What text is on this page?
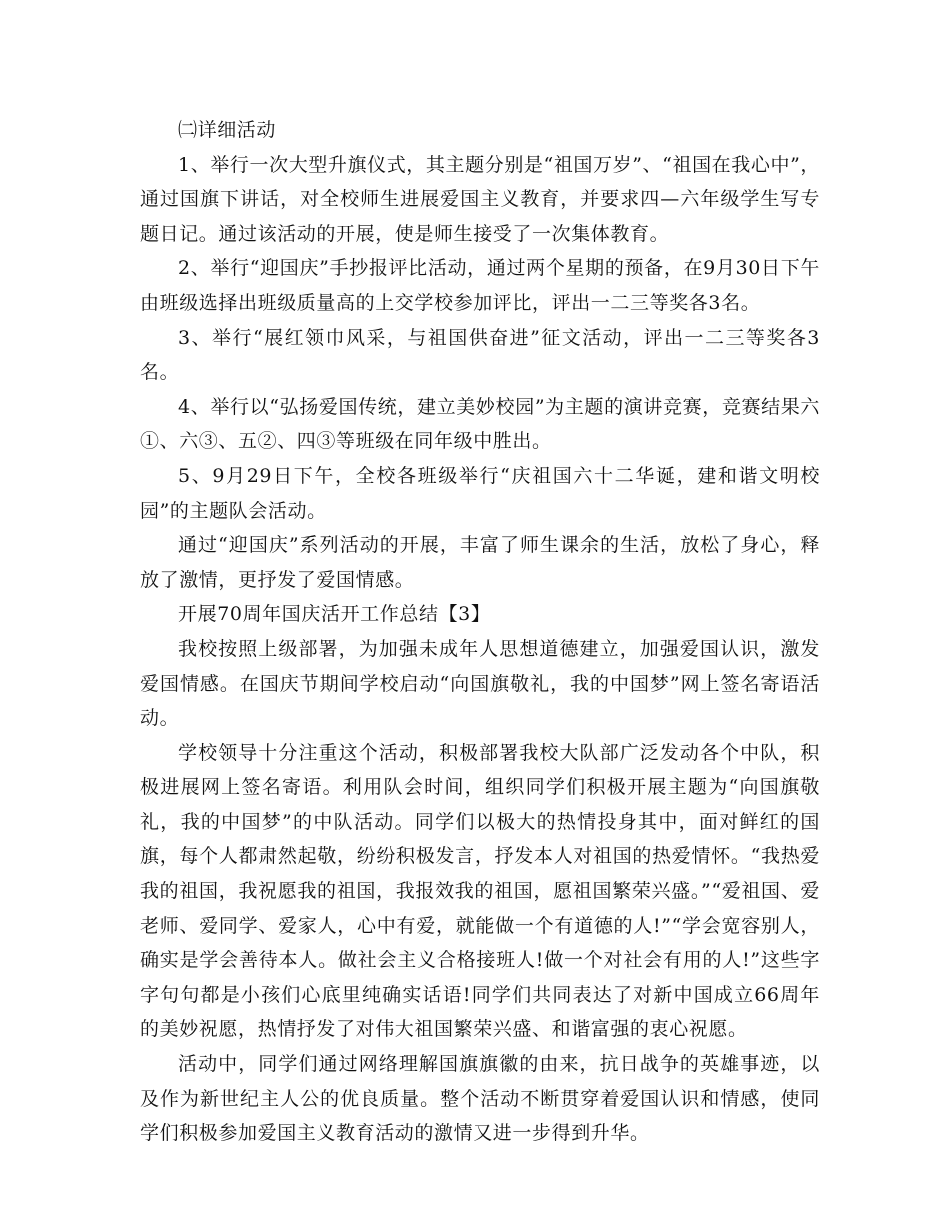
㈡详细活动

1、举行一次大型升旗仪式，其主题分别是“祖国万岁”、“祖国在我心中”，通过国旗下讲话，对全校师生进展爱国主义教育，并要求四—六年级学生写专题日记。通过该活动的开展，使是师生接受了一次集体教育。

2、举行“迎国庆”手抄报评比活动，通过两个星期的预备，在9月30日下午由班级选择出班级质量高的上交学校参加评比，评出一二三等奖各3名。

3、举行“展红领巾风采，与祖国供奋进”征文活动，评出一二三等奖各3名。

4、举行以“弘扬爱国传统，建立美妙校园”为主题的演讲竞赛，竞赛结果六①、六③、五②、四③等班级在同年级中胜出。

5、9月29日下午，全校各班级举行“庆祖国六十二华诞，建和谐文明校园”的主题队会活动。

通过“迎国庆”系列活动的开展，丰富了师生课余的生活，放松了身心，释放了激情，更抒发了爱国情感。

开展70周年国庆活开工作总结【3】

我校按照上级部署，为加强未成年人思想道德建立，加强爱国认识，激发爱国情感。在国庆节期间学校启动“向国旗敬礼，我的中国梦”网上签名寄语活动。

学校领导十分注重这个活动，积极部署我校大队部广泛发动各个中队，积极进展网上签名寄语。利用队会时间，组织同学们积极开展主题为“向国旗敬礼，我的中国梦”的中队活动。同学们以极大的热情投身其中，面对鲜红的国旗，每个人都肃然起敬，纷纷积极发言，抒发本人对祖国的热爱情怀。“我热爱我的祖国，我祝愿我的祖国，我报效我的祖国，愿祖国繁荣兴盛。”“爱祖国、爱老师、爱同学、爱家人，心中有爱，就能做一个有道德的人!”“学会宽容别人，确实是学会善待本人。做社会主义合格接班人!做一个对社会有用的人!”这些字字句句都是小孩们心底里纯确实话语!同学们共同表达了对新中国成立66周年的美妙祝愿，热情抒发了对伟大祖国繁荣兴盛、和谐富强的衷心祝愿。

活动中，同学们通过网络理解国旗旗徽的由来，抗日战争的英雄事迹，以及作为新世纪主人公的优良质量。整个活动不断贯穿着爱国认识和情感，使同学们积极参加爱国主义教育活动的激情又进一步得到升华。
